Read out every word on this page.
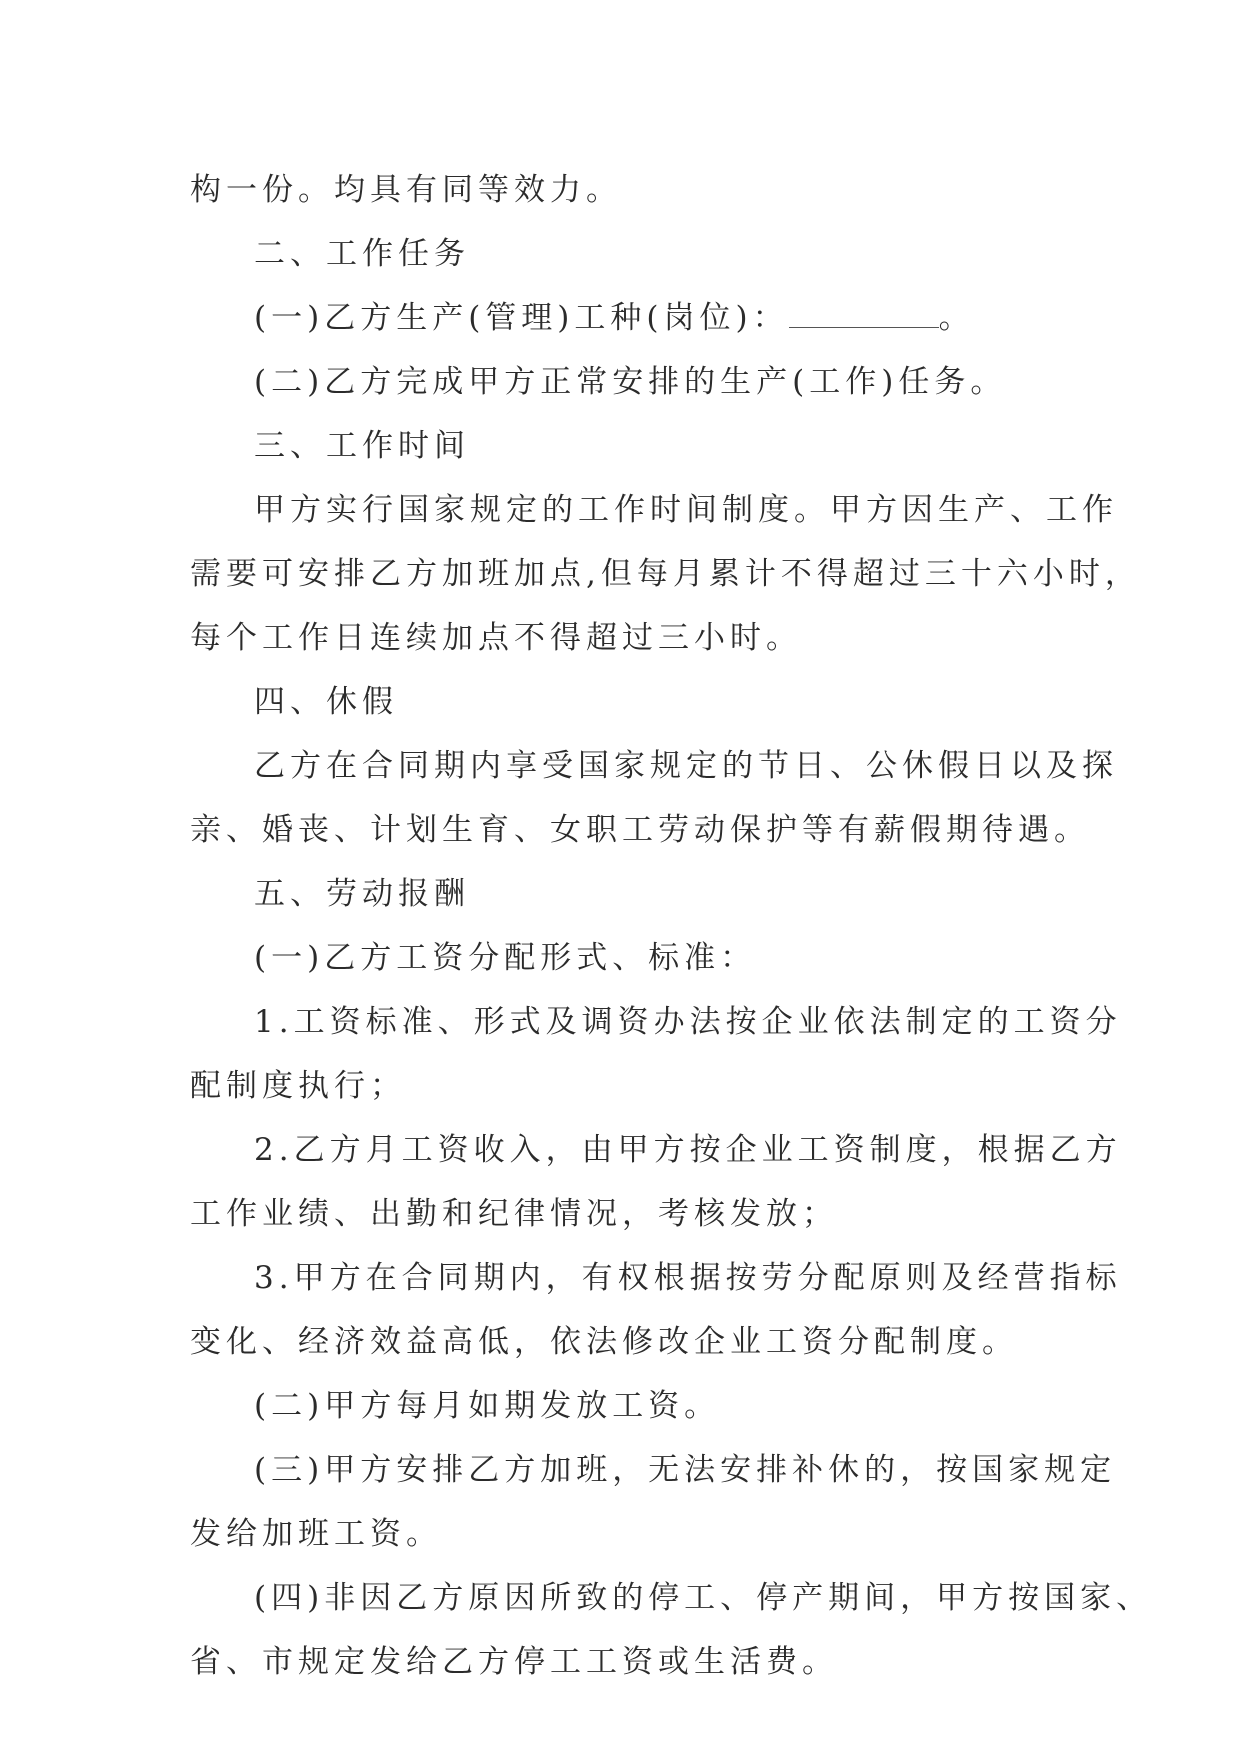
构一份。均具有同等效力。
二、工作任务
(一)乙方生产(管理)工种(岗位)：	。
(二)乙方完成甲方正常安排的生产(工作)任务。
三、工作时间
甲方实行国家规定的工作时间制度。甲方因生产、工作
需要可安排乙方加班加点,但每月累计不得超过三十六小时，
每个工作日连续加点不得超过三小时。
四、休假
乙方在合同期内享受国家规定的节日、公休假日以及探
亲、婚丧、计划生育、女职工劳动保护等有薪假期待遇。
五、劳动报酬
(一)乙方工资分配形式、标准：
1.工资标准、形式及调资办法按企业依法制定的工资分
配制度执行；
2.乙方月工资收入，由甲方按企业工资制度，根据乙方
工作业绩、出勤和纪律情况，考核发放；
3.甲方在合同期内，有权根据按劳分配原则及经营指标
变化、经济效益高低，依法修改企业工资分配制度。
(二)甲方每月如期发放工资。
(三)甲方安排乙方加班，无法安排补休的，按国家规定
发给加班工资。
(四)非因乙方原因所致的停工、停产期间，甲方按国家、
省、市规定发给乙方停工工资或生活费。
